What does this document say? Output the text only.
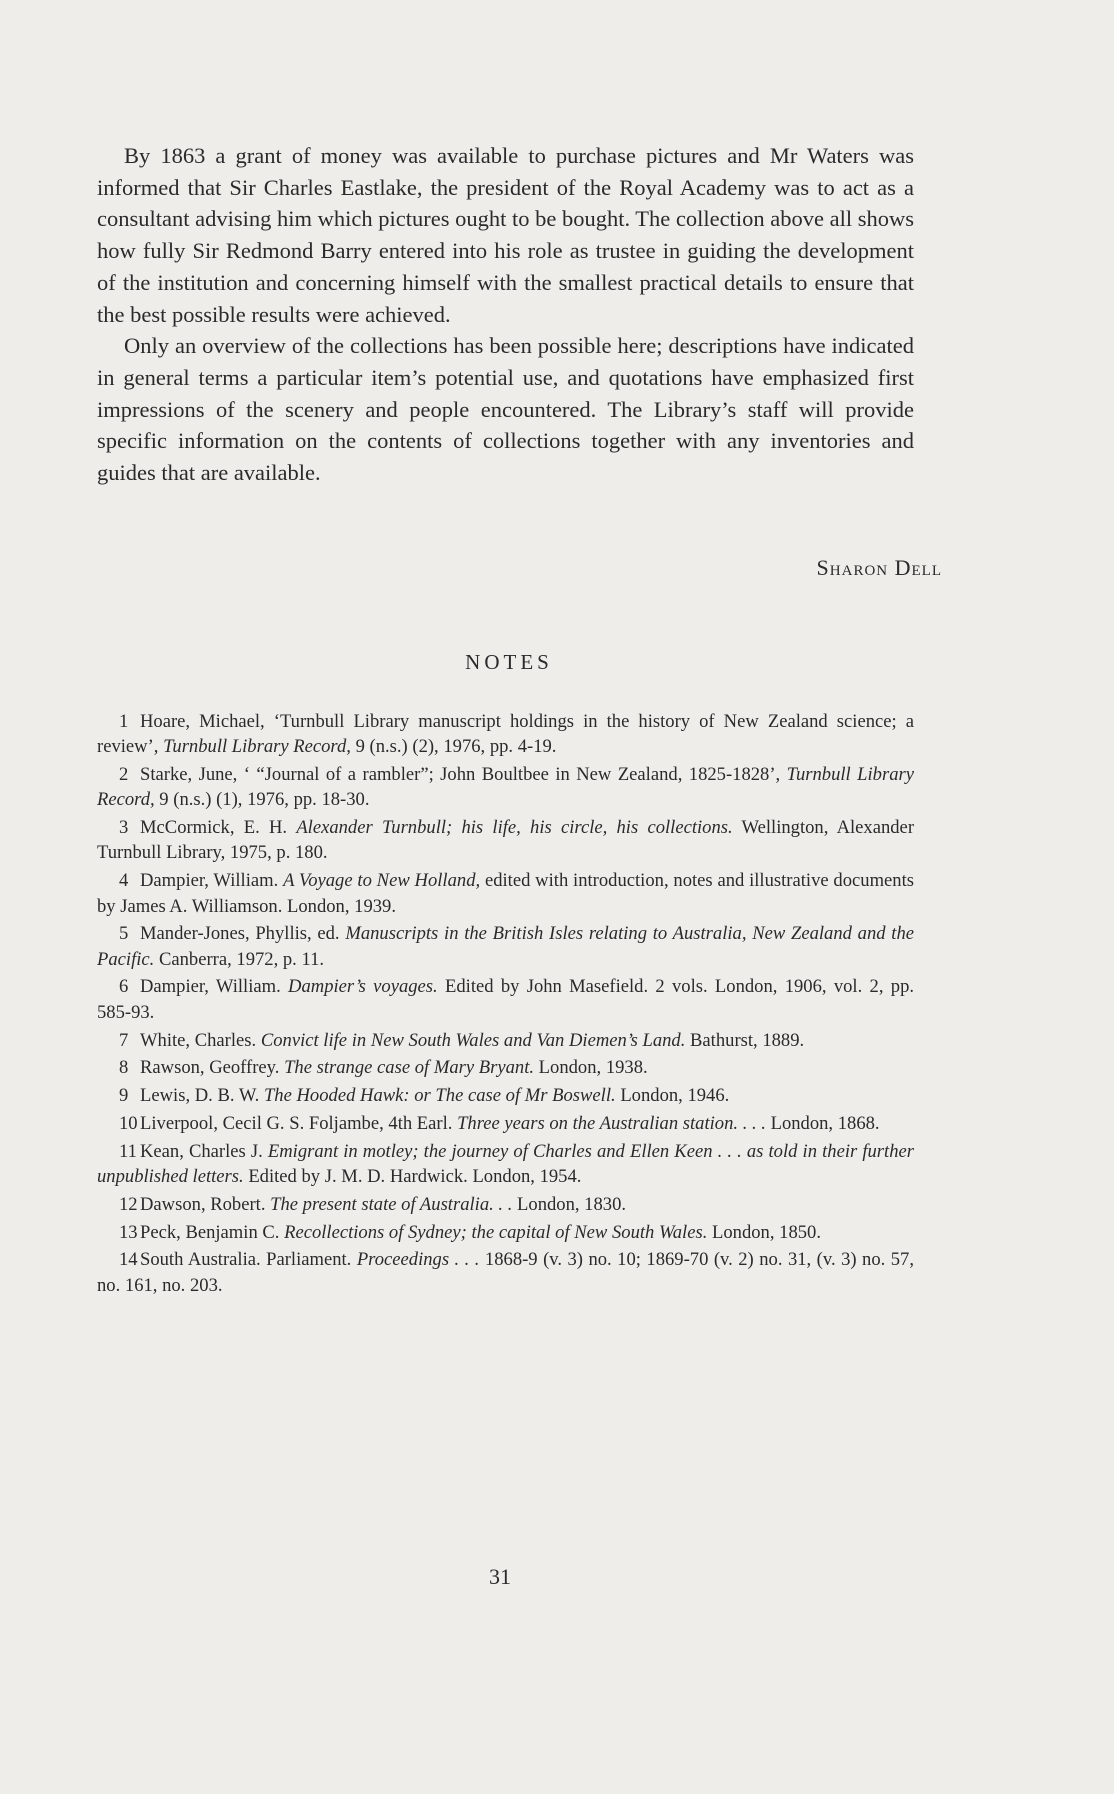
By 1863 a grant of money was available to purchase pictures and Mr Waters was informed that Sir Charles Eastlake, the president of the Royal Academy was to act as a consultant advising him which pictures ought to be bought. The collection above all shows how fully Sir Redmond Barry entered into his role as trustee in guiding the development of the institution and concerning himself with the smallest practical details to ensure that the best possible results were achieved.

Only an overview of the collections has been possible here; descriptions have indicated in general terms a particular item’s potential use, and quotations have emphasized first impressions of the scenery and people encountered. The Library’s staff will provide specific information on the contents of collections together with any inventories and guides that are available.

Sharon Dell

NOTES
1 Hoare, Michael, ‘Turnbull Library manuscript holdings in the history of New Zealand science; a review’, Turnbull Library Record, 9 (n.s.) (2), 1976, pp. 4-19.
2 Starke, June, ‘ “Journal of a rambler”; John Boultbee in New Zealand, 1825-1828’, Turnbull Library Record, 9 (n.s.) (1), 1976, pp. 18-30.
3 McCormick, E. H. Alexander Turnbull; his life, his circle, his collections. Wellington, Alexander Turnbull Library, 1975, p. 180.
4 Dampier, William. A Voyage to New Holland, edited with introduction, notes and illustrative documents by James A. Williamson. London, 1939.
5 Mander-Jones, Phyllis, ed. Manuscripts in the British Isles relating to Australia, New Zealand and the Pacific. Canberra, 1972, p. 11.
6 Dampier, William. Dampier’s voyages. Edited by John Masefield. 2 vols. London, 1906, vol. 2, pp. 585-93.
7 White, Charles. Convict life in New South Wales and Van Diemen’s Land. Bathurst, 1889.
8 Rawson, Geoffrey. The strange case of Mary Bryant. London, 1938.
9 Lewis, D. B. W. The Hooded Hawk: or The case of Mr Boswell. London, 1946.
10 Liverpool, Cecil G. S. Foljambe, 4th Earl. Three years on the Australian station. . . . London, 1868.
11 Kean, Charles J. Emigrant in motley; the journey of Charles and Ellen Keen . . . as told in their further unpublished letters. Edited by J. M. D. Hardwick. London, 1954.
12 Dawson, Robert. The present state of Australia. . . London, 1830.
13 Peck, Benjamin C. Recollections of Sydney; the capital of New South Wales. London, 1850.
14 South Australia. Parliament. Proceedings . . . 1868-9 (v. 3) no. 10; 1869-70 (v. 2) no. 31, (v. 3) no. 57, no. 161, no. 203.

31
